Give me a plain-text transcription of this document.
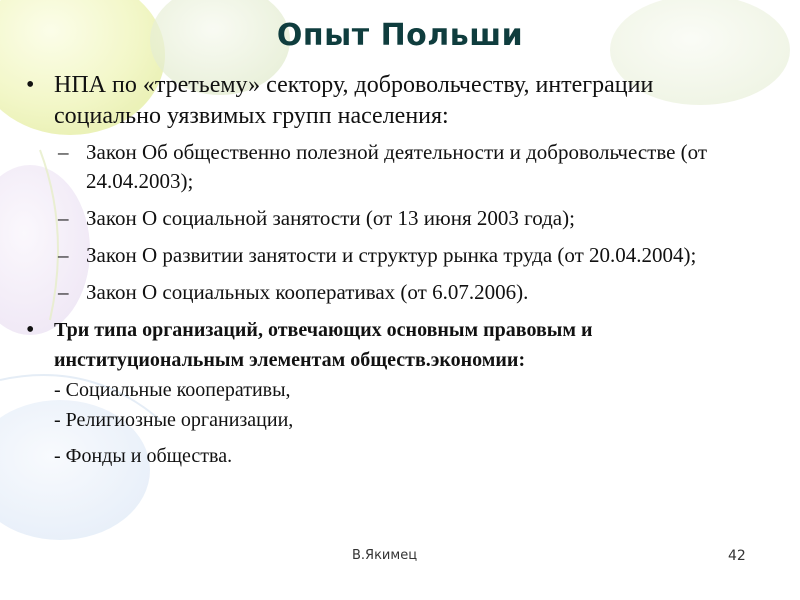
Опыт Польши
• НПА по «третьему» сектору, добровольчеству, интеграции социально уязвимых групп населения:
– Закон Об общественно полезной деятельности и добровольчестве (от 24.04.2003);
– Закон О социальной занятости (от 13 июня 2003 года);
– Закон О развитии занятости и структур рынка труда (от 20.04.2004);
– Закон О социальных кооперативах (от 6.07.2006).
• Три типа организаций, отвечающих основным правовым и институциональным элементам обществ.экономии:
- Социальные кооперативы,
- Религиозные организации,
- Фонды и общества.
В.Якимец	42
